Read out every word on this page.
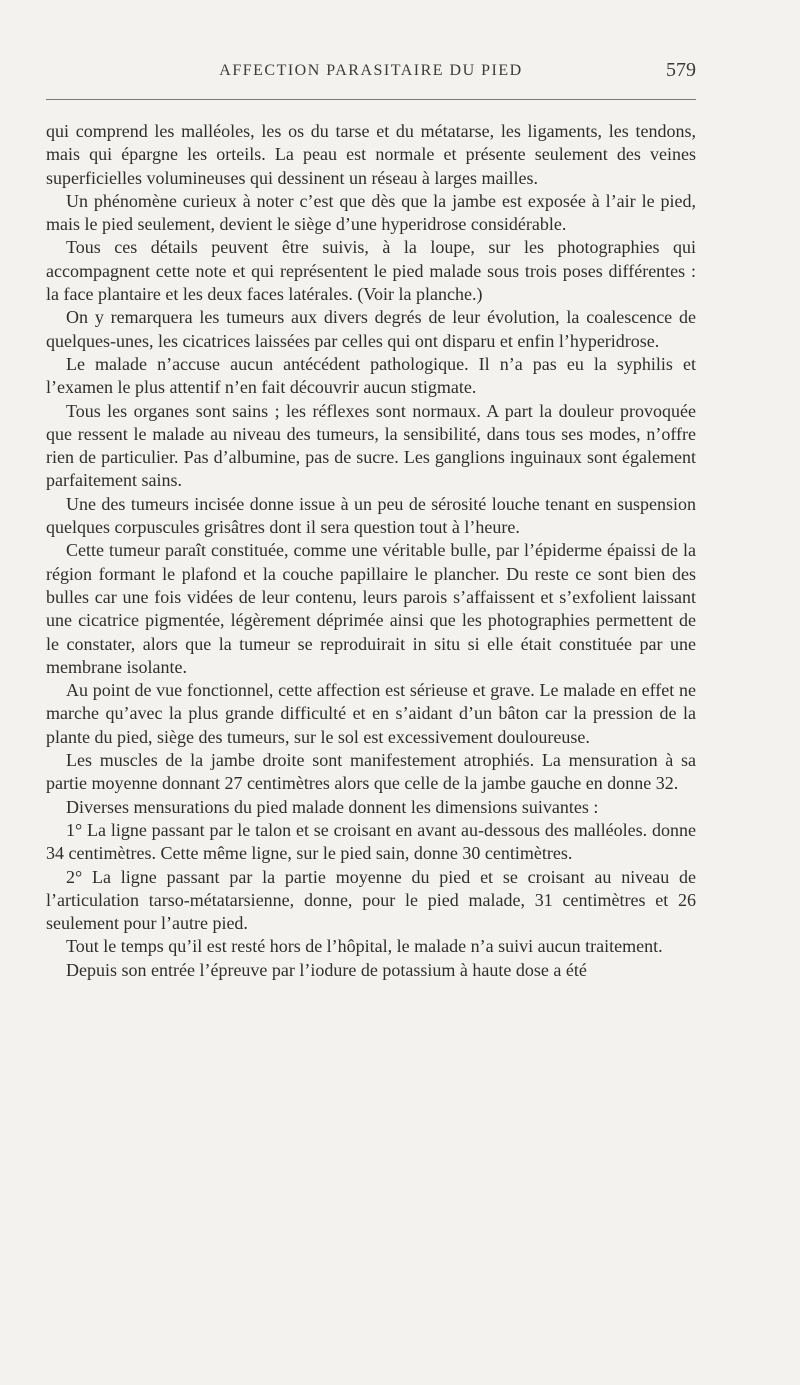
AFFECTION PARASITAIRE DU PIED	579

qui comprend les malléoles, les os du tarse et du métatarse, les ligaments, les tendons, mais qui épargne les orteils. La peau est normale et présente seulement des veines superficielles volumineuses qui dessinent un réseau à larges mailles.

Un phénomène curieux à noter c’est que dès que la jambe est exposée à l’air le pied, mais le pied seulement, devient le siège d’une hyperidrose considérable.

Tous ces détails peuvent être suivis, à la loupe, sur les photographies qui accompagnent cette note et qui représentent le pied malade sous trois poses différentes : la face plantaire et les deux faces latérales. (Voir la planche.)

On y remarquera les tumeurs aux divers degrés de leur évolution, la coalescence de quelques-unes, les cicatrices laissées par celles qui ont disparu et enfin l’hyperidrose.

Le malade n’accuse aucun antécédent pathologique. Il n’a pas eu la syphilis et l’examen le plus attentif n’en fait découvrir aucun stigmate.

Tous les organes sont sains ; les réflexes sont normaux. A part la douleur provoquée que ressent le malade au niveau des tumeurs, la sensibilité, dans tous ses modes, n’offre rien de particulier. Pas d’albumine, pas de sucre. Les ganglions inguinaux sont également parfaitement sains.

Une des tumeurs incisée donne issue à un peu de sérosité louche tenant en suspension quelques corpuscules grisâtres dont il sera question tout à l’heure.

Cette tumeur paraît constituée, comme une véritable bulle, par l’épiderme épaissi de la région formant le plafond et la couche papillaire le plancher. Du reste ce sont bien des bulles car une fois vidées de leur contenu, leurs parois s’affaissent et s’exfolient laissant une cicatrice pigmentée, légèrement déprimée ainsi que les photographies permettent de le constater, alors que la tumeur se reproduirait in situ si elle était constituée par une membrane isolante.

Au point de vue fonctionnel, cette affection est sérieuse et grave. Le malade en effet ne marche qu’avec la plus grande difficulté et en s’aidant d’un bâton car la pression de la plante du pied, siège des tumeurs, sur le sol est excessivement douloureuse.

Les muscles de la jambe droite sont manifestement atrophiés. La mensuration à sa partie moyenne donnant 27 centimètres alors que celle de la jambe gauche en donne 32.

Diverses mensurations du pied malade donnent les dimensions suivantes :

1° La ligne passant par le talon et se croisant en avant au-dessous des malléoles. donne 34 centimètres. Cette même ligne, sur le pied sain, donne 30 centimètres.

2° La ligne passant par la partie moyenne du pied et se croisant au niveau de l’articulation tarso-métatarsienne, donne, pour le pied malade, 31 centimètres et 26 seulement pour l’autre pied.

Tout le temps qu’il est resté hors de l’hôpital, le malade n’a suivi aucun traitement.

Depuis son entrée l’épreuve par l’iodure de potassium à haute dose a été
